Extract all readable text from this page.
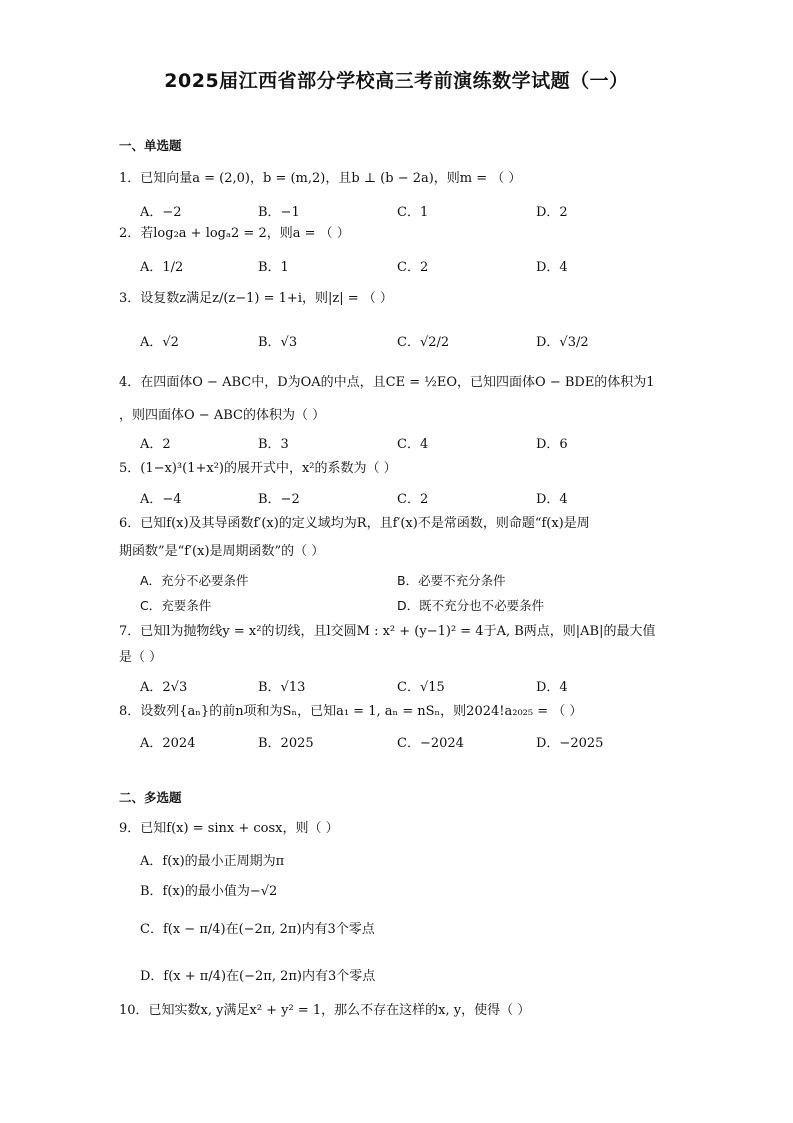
2025届江西省部分学校高三考前演练数学试题（一）
一、单选题
1．已知向量a = (2,0)，b = (m,2)，且b ⊥ (b − 2a)，则m = （ ）
A．−2	B．−1	C．1	D．2
2．若log₂a + logₐ2 = 2，则a = （ ）
A．1/2	B．1	C．2	D．4
3．设复数z满足z/(z−1) = 1+i，则|z| = （ ）
A．√2	B．√3	C．√2/2	D．√3/2
4．在四面体O − ABC中，D为OA的中点，且CE = ½EO，已知四面体O − BDE的体积为1
，则四面体O − ABC的体积为（ ）
A．2	B．3	C．4	D．6
5．(1−x)³(1+x²)的展开式中，x²的系数为（ ）
A．−4	B．−2	C．2	D．4
6．已知f(x)及其导函数f′(x)的定义域均为R，且f′(x)不是常函数，则命题“f(x)是周
期函数”是“f′(x)是周期函数”的（ ）
A．充分不必要条件	B．必要不充分条件
C．充要条件	D．既不充分也不必要条件
7．已知l为抛物线y = x²的切线，且l交圆M : x² + (y−1)² = 4于A, B两点，则|AB|的最大值
是（ ）
A．2√3	B．√13	C．√15	D．4
8．设数列{aₙ}的前n项和为Sₙ，已知a₁ = 1, aₙ = nSₙ，则2024!a₂₀₂₅ = （ ）
A．2024	B．2025	C．−2024	D．−2025
二、多选题
9．已知f(x) = sinx + cosx，则（ ）
A．f(x)的最小正周期为π
B．f(x)的最小值为−√2
C．f(x − π/4)在(−2π, 2π)内有3个零点
D．f(x + π/4)在(−2π, 2π)内有3个零点
10．已知实数x, y满足x² + y² = 1，那么不存在这样的x, y，使得（ ）
